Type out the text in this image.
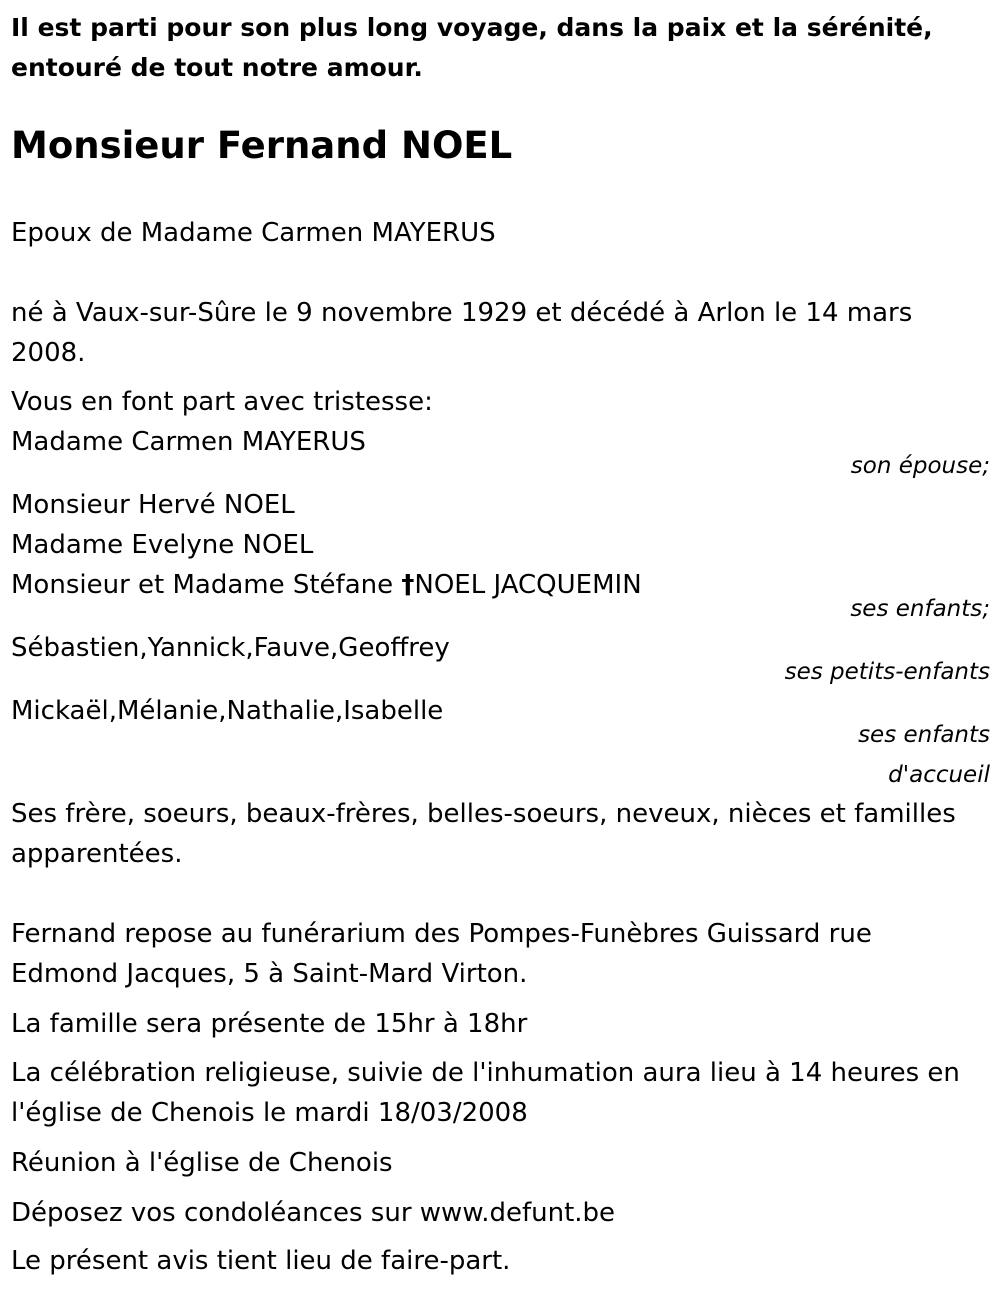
Il est parti pour son plus long voyage, dans la paix et la sérénité, entouré de tout notre amour.

Monsieur Fernand NOEL

Epoux de Madame Carmen MAYERUS

né à Vaux-sur-Sûre le 9 novembre 1929 et décédé à Arlon le 14 mars 2008.

Vous en font part avec tristesse:

Madame Carmen MAYERUS

son épouse;

Monsieur Hervé NOEL

Madame Evelyne NOEL

Monsieur et Madame Stéfane †NOEL JACQUEMIN

ses enfants;

Sébastien,Yannick,Fauve,Geoffrey

ses petits-enfants

Mickaël,Mélanie,Nathalie,Isabelle

ses enfants

d'accueil

Ses frère, soeurs, beaux-frères, belles-soeurs, neveux, nièces et familles apparentées.

Fernand repose au funérarium des Pompes-Funèbres Guissard rue Edmond Jacques, 5 à Saint-Mard Virton.

La famille sera présente de 15hr à 18hr

La célébration religieuse, suivie de l'inhumation aura lieu à 14 heures en l'église de Chenois le mardi 18/03/2008

Réunion à l'église de Chenois

Déposez vos condoléances sur www.defunt.be

Le présent avis tient lieu de faire-part.
